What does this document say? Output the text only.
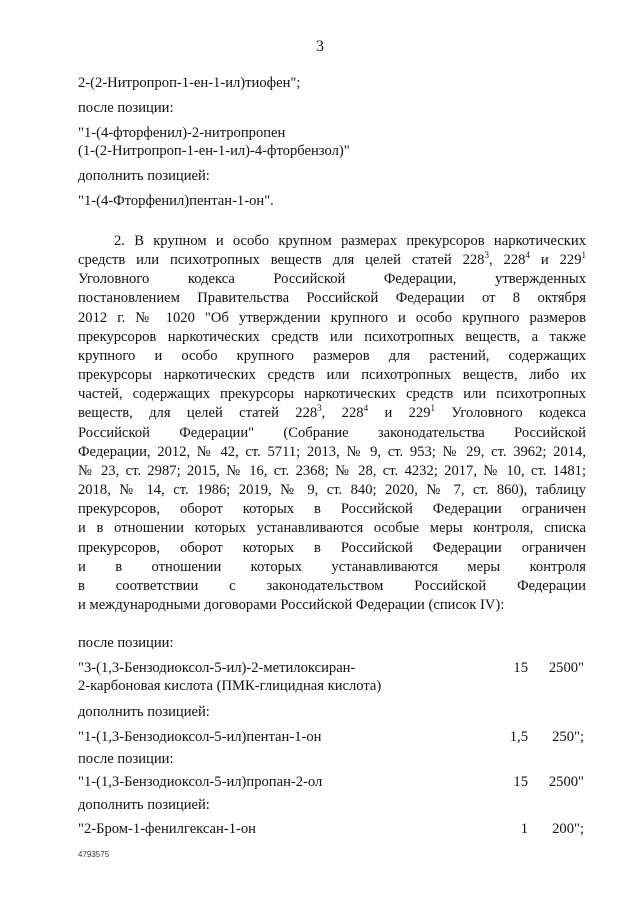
3
2-(2-Нитропроп-1-ен-1-ил)тиофен";
после позиции:
"1-(4-фторфенил)-2-нитропропен
(1-(2-Нитропроп-1-ен-1-ил)-4-фторбензол)"
дополнить позицией:
"1-(4-Фторфенил)пентан-1-он".
2. В крупном и особо крупном размерах прекурсоров наркотических
средств или психотропных веществ для целей статей $228^3$, $228^4$ и $229^1$
Уголовного кодекса Российской Федерации, утвержденных
постановлением Правительства Российской Федерации от 8 октября
2012 г. № 1020 "Об утверждении крупного и особо крупного размеров
прекурсоров наркотических средств или психотропных веществ, а также
крупного и особо крупного размеров для растений, содержащих
прекурсоры наркотических средств или психотропных веществ, либо их
частей, содержащих прекурсоры наркотических средств или психотропных
веществ, для целей статей $228^3$, $228^4$ и $229^1$ Уголовного кодекса
Российской Федерации" (Собрание законодательства Российской
Федерации, 2012, № 42, ст. 5711; 2013, № 9, ст. 953; № 29, ст. 3962; 2014,
№ 23, ст. 2987; 2015, № 16, ст. 2368; № 28, ст. 4232; 2017, № 10, ст. 1481;
2018, № 14, ст. 1986; 2019, № 9, ст. 840; 2020, № 7, ст. 860), таблицу
прекурсоров, оборот которых в Российской Федерации ограничен
и в отношении которых устанавливаются особые меры контроля, списка
прекурсоров, оборот которых в Российской Федерации ограничен
и в отношении которых устанавливаются меры контроля
в соответствии с законодательством Российской Федерации
и международными договорами Российской Федерации (список IV):
после позиции:
"3-(1,3-Бензодиоксол-5-ил)-2-метилоксиран-
2-карбоновая кислота (ПМК-глицидная кислота)
15	2500"
дополнить позицией:
"1-(1,3-Бензодиоксол-5-ил)пентан-1-он	1,5	250";
после позиции:
"1-(1,3-Бензодиоксол-5-ил)пропан-2-ол	15	2500"
дополнить позицией:
"2-Бром-1-фенилгексан-1-он	1	200";
4793575
